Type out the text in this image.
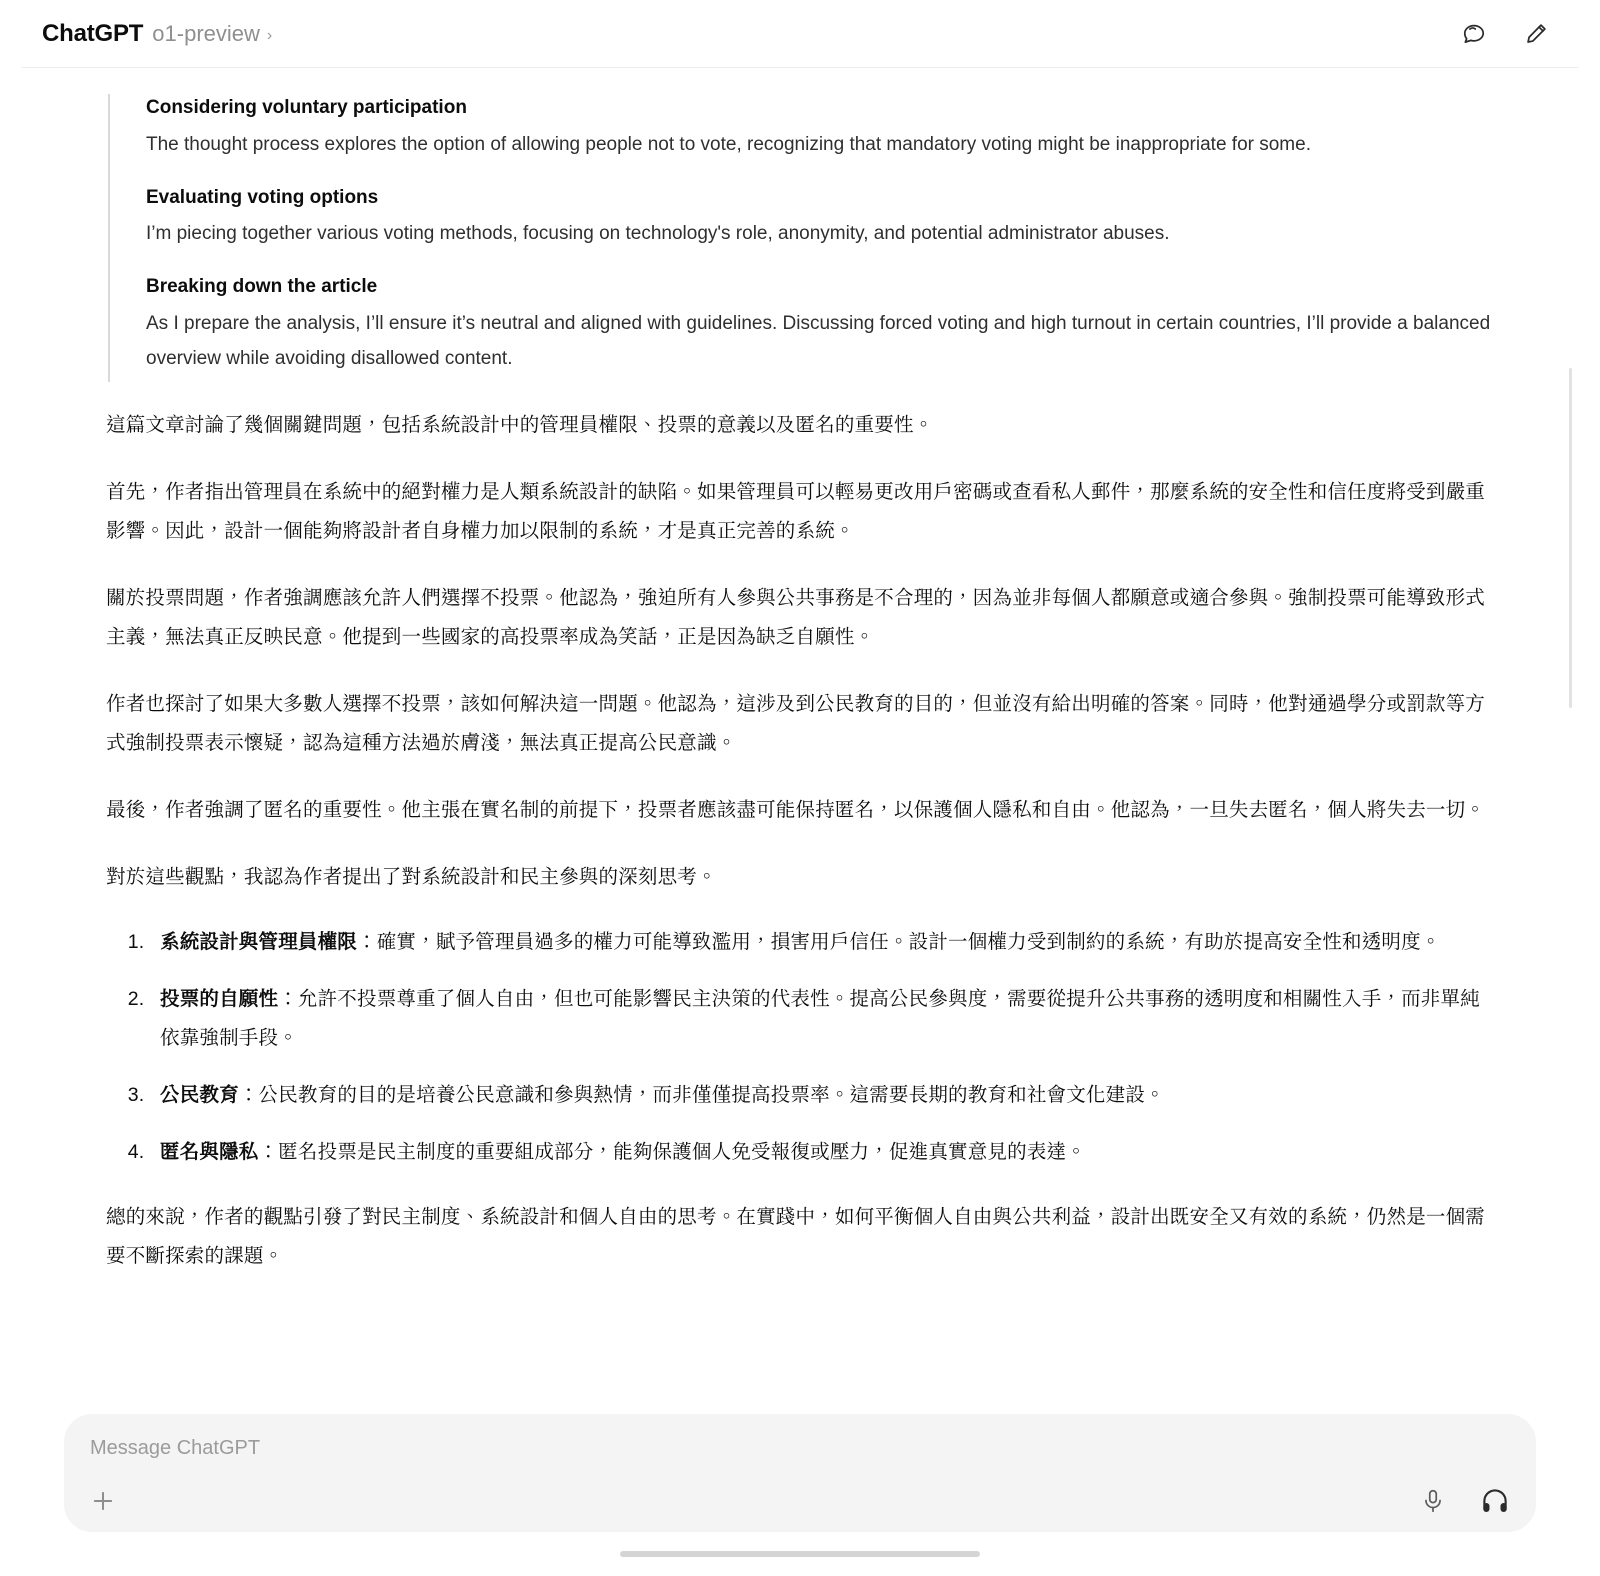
ChatGPT o1-preview ›
Considering voluntary participation
The thought process explores the option of allowing people not to vote, recognizing that mandatory voting might be inappropriate for some.
Evaluating voting options
I’m piecing together various voting methods, focusing on technology's role, anonymity, and potential administrator abuses.
Breaking down the article
As I prepare the analysis, I’ll ensure it’s neutral and aligned with guidelines. Discussing forced voting and high turnout in certain countries, I’ll provide a balanced overview while avoiding disallowed content.

這篇文章討論了幾個關鍵問題，包括系統設計中的管理員權限、投票的意義以及匿名的重要性。

首先，作者指出管理員在系統中的絕對權力是人類系統設計的缺陷。如果管理員可以輕易更改用戶密碼或查看私人郵件，那麼系統的安全性和信任度將受到嚴重影響。因此，設計一個能夠將設計者自身權力加以限制的系統，才是真正完善的系統。

關於投票問題，作者強調應該允許人們選擇不投票。他認為，強迫所有人參與公共事務是不合理的，因為並非每個人都願意或適合參與。強制投票可能導致形式主義，無法真正反映民意。他提到一些國家的高投票率成為笑話，正是因為缺乏自願性。

作者也探討了如果大多數人選擇不投票，該如何解決這一問題。他認為，這涉及到公民教育的目的，但並沒有給出明確的答案。同時，他對通過學分或罰款等方式強制投票表示懷疑，認為這種方法過於膚淺，無法真正提高公民意識。

最後，作者強調了匿名的重要性。他主張在實名制的前提下，投票者應該盡可能保持匿名，以保護個人隱私和自由。他認為，一旦失去匿名，個人將失去一切。

對於這些觀點，我認為作者提出了對系統設計和民主參與的深刻思考。

1. 系統設計與管理員權限：確實，賦予管理員過多的權力可能導致濫用，損害用戶信任。設計一個權力受到制約的系統，有助於提高安全性和透明度。
2. 投票的自願性：允許不投票尊重了個人自由，但也可能影響民主決策的代表性。提高公民參與度，需要從提升公共事務的透明度和相關性入手，而非單純依靠強制手段。
3. 公民教育：公民教育的目的是培養公民意識和參與熱情，而非僅僅提高投票率。這需要長期的教育和社會文化建設。
4. 匿名與隱私：匿名投票是民主制度的重要組成部分，能夠保護個人免受報復或壓力，促進真實意見的表達。

總的來說，作者的觀點引發了對民主制度、系統設計和個人自由的思考。在實踐中，如何平衡個人自由與公共利益，設計出既安全又有效的系統，仍然是一個需要不斷探索的課題。

Message ChatGPT
